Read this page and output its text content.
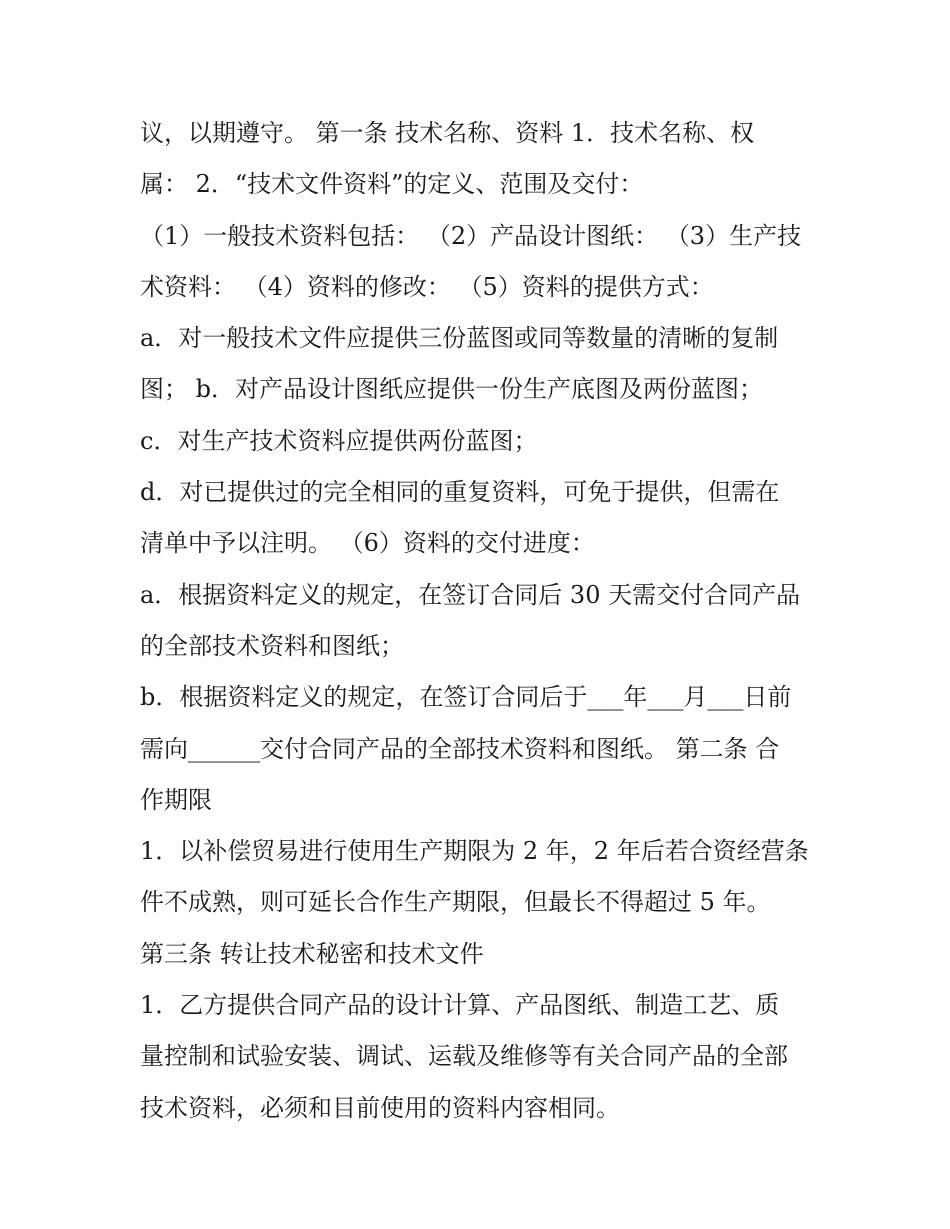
议，以期遵守。 第一条 技术名称、资料 1．技术名称、权
属： 2．“技术文件资料”的定义、范围及交付：
（1）一般技术资料包括： （2）产品设计图纸： （3）生产技
术资料： （4）资料的修改： （5）资料的提供方式：
a．对一般技术文件应提供三份蓝图或同等数量的清晰的复制
图； b．对产品设计图纸应提供一份生产底图及两份蓝图；
c．对生产技术资料应提供两份蓝图；
d．对已提供过的完全相同的重复资料，可免于提供，但需在
清单中予以注明。 （6）资料的交付进度：
a．根据资料定义的规定，在签订合同后 30 天需交付合同产品
的全部技术资料和图纸；
b．根据资料定义的规定，在签订合同后于___年___月___日前
需向______交付合同产品的全部技术资料和图纸。 第二条 合
作期限
1．以补偿贸易进行使用生产期限为 2 年，2 年后若合资经营条
件不成熟，则可延长合作生产期限，但最长不得超过 5 年。
第三条 转让技术秘密和技术文件
1．乙方提供合同产品的设计计算、产品图纸、制造工艺、质
量控制和试验安装、调试、运载及维修等有关合同产品的全部
技术资料，必须和目前使用的资料内容相同。
